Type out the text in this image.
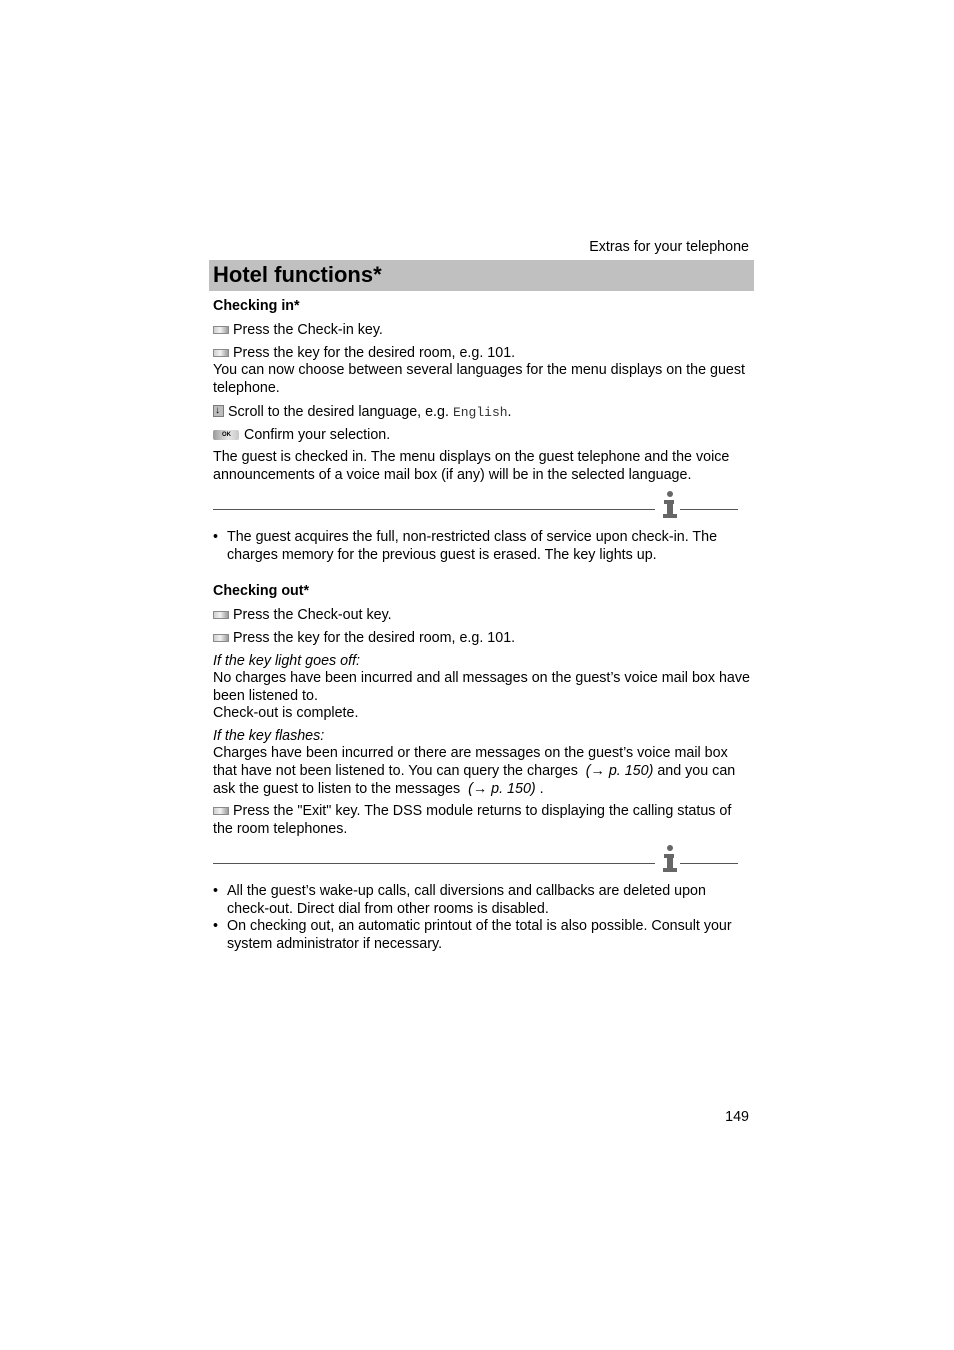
Extras for your telephone
Hotel functions*
Checking in*
Press the Check-in key.
Press the key for the desired room, e.g. 101.
You can now choose between several languages for the menu displays on the guest telephone.
↓Scroll to the desired language, e.g. English.
OKConfirm your selection.
The guest is checked in. The menu displays on the guest telephone and the voice announcements of a voice mail box (if any) will be in the selected language.
• The guest acquires the full, non-restricted class of service upon check-in. The charges memory for the previous guest is erased. The key lights up.
Checking out*
Press the Check-out key.
Press the key for the desired room, e.g. 101.
If the key light goes off:
No charges have been incurred and all messages on the guest’s voice mail box have been listened to.
Check-out is complete.
If the key flashes:
Charges have been incurred or there are messages on the guest’s voice mail box that have not been listened to. You can query the charges (→ p. 150) and you can ask the guest to listen to the messages (→ p. 150) .
Press the "Exit" key. The DSS module returns to displaying the calling status of the room telephones.
• All the guest’s wake-up calls, call diversions and callbacks are deleted upon check-out. Direct dial from other rooms is disabled.
• On checking out, an automatic printout of the total is also possible. Consult your system administrator if necessary.
149
